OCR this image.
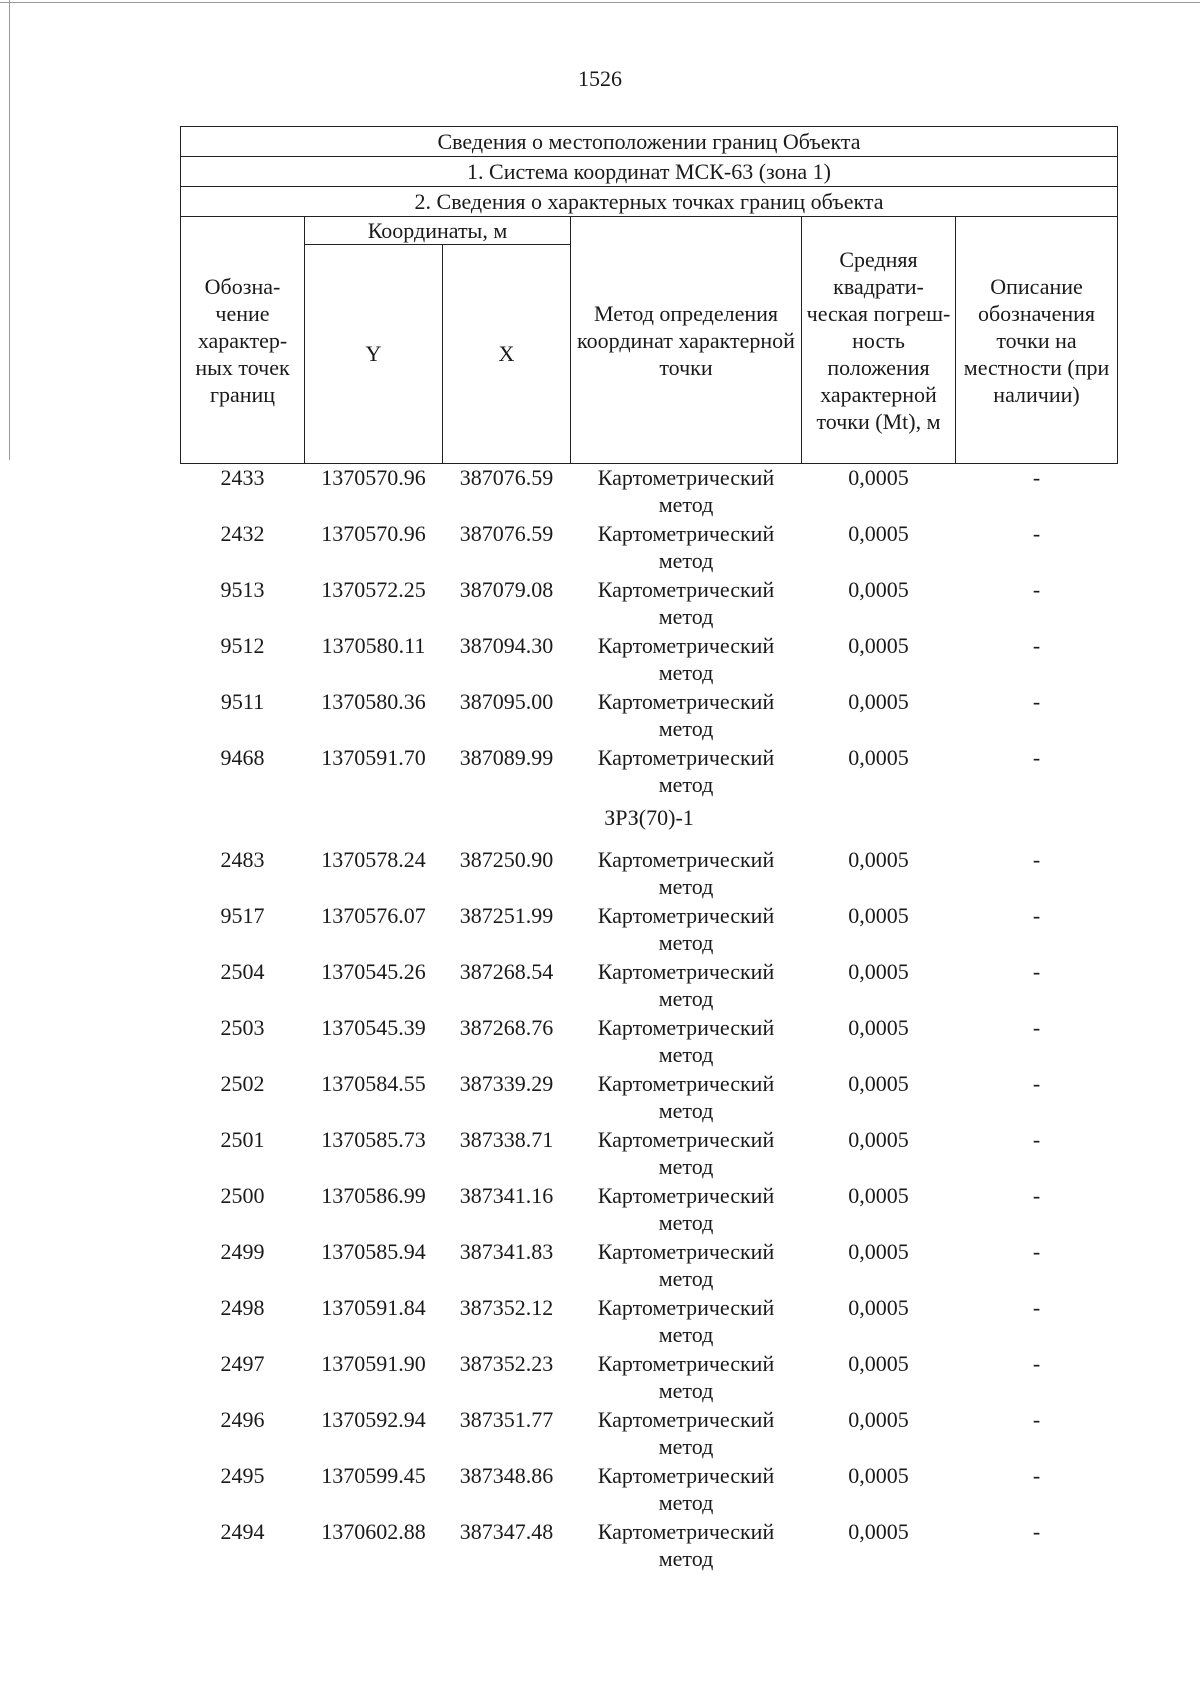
1526
Сведения о местоположении границ Объекта					
1. Система координат МСК-63 (зона 1)					
2. Сведения о характерных точках границ объекта					
Обозна- чение характер- ных точек границ	Координаты, м		Метод определения координат характерной точки	Средняя квадрати- ческая погреш- ность положения характерной точки (Mt), м	Описание обозначения точки на местности (при наличии)
	Y	X			
2433	1370570.96	387076.59	Картометрический метод	0,0005	-
2432	1370570.96	387076.59	Картометрический метод	0,0005	-
9513	1370572.25	387079.08	Картометрический метод	0,0005	-
9512	1370580.11	387094.30	Картометрический метод	0,0005	-
9511	1370580.36	387095.00	Картометрический метод	0,0005	-
9468	1370591.70	387089.99	Картометрический метод	0,0005	-
ЗРЗ(70)-1					
2483	1370578.24	387250.90	Картометрический метод	0,0005	-
9517	1370576.07	387251.99	Картометрический метод	0,0005	-
2504	1370545.26	387268.54	Картометрический метод	0,0005	-
2503	1370545.39	387268.76	Картометрический метод	0,0005	-
2502	1370584.55	387339.29	Картометрический метод	0,0005	-
2501	1370585.73	387338.71	Картометрический метод	0,0005	-
2500	1370586.99	387341.16	Картометрический метод	0,0005	-
2499	1370585.94	387341.83	Картометрический метод	0,0005	-
2498	1370591.84	387352.12	Картометрический метод	0,0005	-
2497	1370591.90	387352.23	Картометрический метод	0,0005	-
2496	1370592.94	387351.77	Картометрический метод	0,0005	-
2495	1370599.45	387348.86	Картометрический метод	0,0005	-
2494	1370602.88	387347.48	Картометрический метод	0,0005	-
